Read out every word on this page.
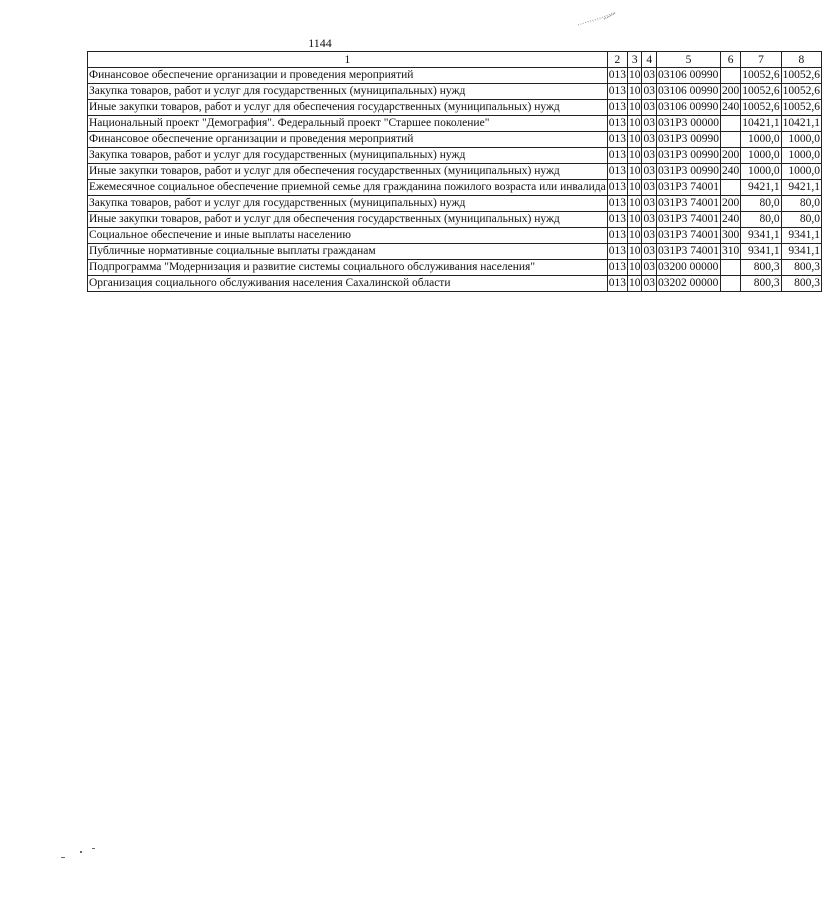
1144
1	2	3	4	5	6	7	8
Финансовое обеспечение организации и проведения мероприятий	013	10	03	03106 00990		10052,6	10052,6
Закупка товаров, работ и услуг для государственных (муниципальных) нужд	013	10	03	03106 00990	200	10052,6	10052,6
Иные закупки товаров, работ и услуг для обеспечения государственных (муниципальных) нужд	013	10	03	03106 00990	240	10052,6	10052,6
Национальный проект "Демография". Федеральный проект "Старшее поколение"	013	10	03	031P3 00000		10421,1	10421,1
Финансовое обеспечение организации и проведения мероприятий	013	10	03	031P3 00990		1000,0	1000,0
Закупка товаров, работ и услуг для государственных (муниципальных) нужд	013	10	03	031P3 00990	200	1000,0	1000,0
Иные закупки товаров, работ и услуг для обеспечения государственных (муниципальных) нужд	013	10	03	031P3 00990	240	1000,0	1000,0
Ежемесячное социальное обеспечение приемной семье для гражданина пожилого возраста или инвалида	013	10	03	031P3 74001		9421,1	9421,1
Закупка товаров, работ и услуг для государственных (муниципальных) нужд	013	10	03	031P3 74001	200	80,0	80,0
Иные закупки товаров, работ и услуг для обеспечения государственных (муниципальных) нужд	013	10	03	031P3 74001	240	80,0	80,0
Социальное обеспечение и иные выплаты населению	013	10	03	031P3 74001	300	9341,1	9341,1
Публичные нормативные социальные выплаты гражданам	013	10	03	031P3 74001	310	9341,1	9341,1
Подпрограмма "Модернизация и развитие системы социального обслуживания населения"	013	10	03	03200 00000		800,3	800,3
Организация социального обслуживания населения Сахалинской области	013	10	03	03202 00000		800,3	800,3
